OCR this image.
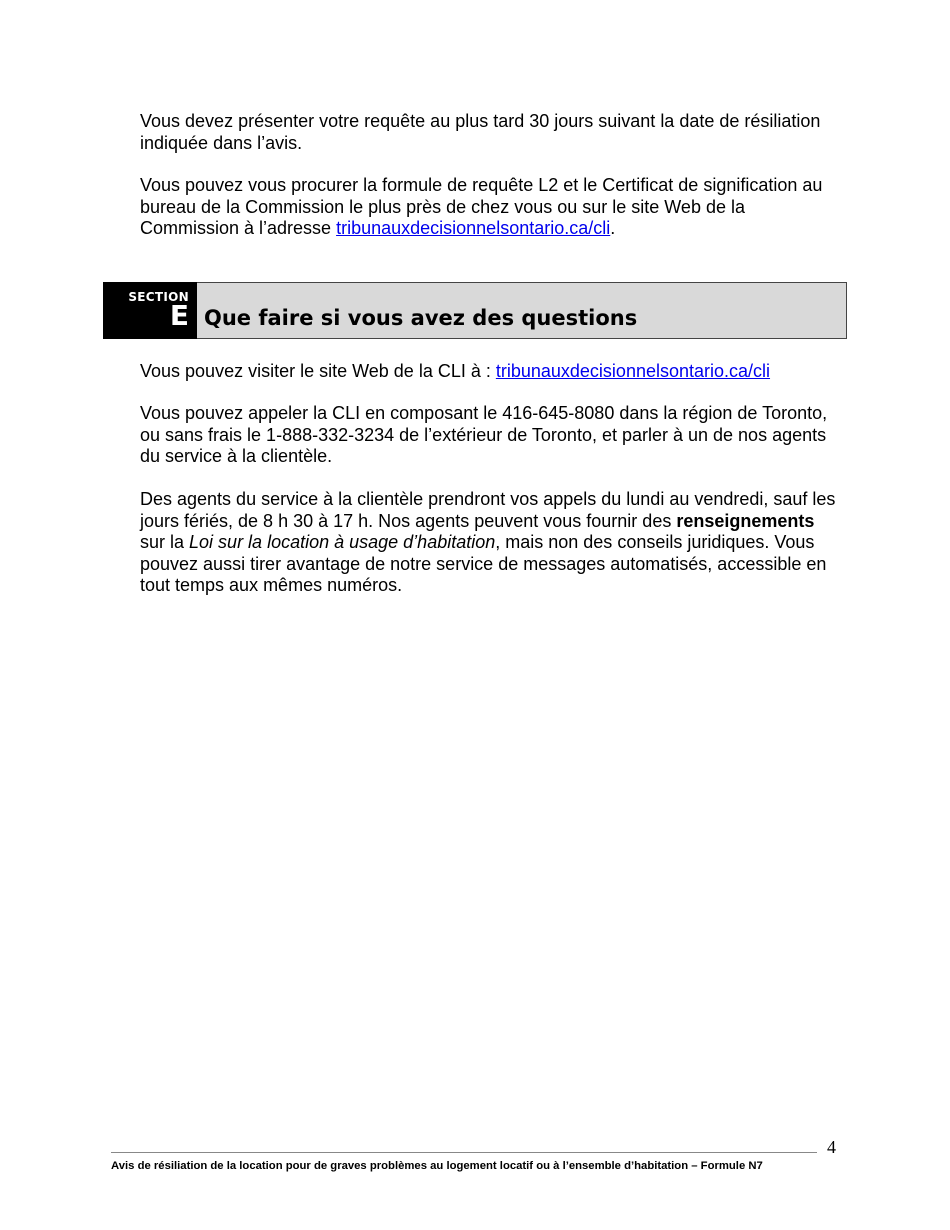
Vous devez présenter votre requête au plus tard 30 jours suivant la date de résiliation indiquée dans l’avis.

Vous pouvez vous procurer la formule de requête L2 et le Certificat de signification au bureau de la Commission le plus près de chez vous ou sur le site Web de la Commission à l’adresse tribunauxdecisionnelsontario.ca/cli.

SECTION
E Que faire si vous avez des questions

Vous pouvez visiter le site Web de la CLI à : tribunauxdecisionnelsontario.ca/cli

Vous pouvez appeler la CLI en composant le 416-645-8080 dans la région de Toronto, ou sans frais le 1-888-332-3234 de l’extérieur de Toronto, et parler à un de nos agents du service à la clientèle.

Des agents du service à la clientèle prendront vos appels du lundi au vendredi, sauf les jours fériés, de 8 h 30 à 17 h. Nos agents peuvent vous fournir des renseignements sur la Loi sur la location à usage d’habitation, mais non des conseils juridiques. Vous pouvez aussi tirer avantage de notre service de messages automatisés, accessible en tout temps aux mêmes numéros.

4
Avis de résiliation de la location pour de graves problèmes au logement locatif ou à l’ensemble d’habitation – Formule N7
